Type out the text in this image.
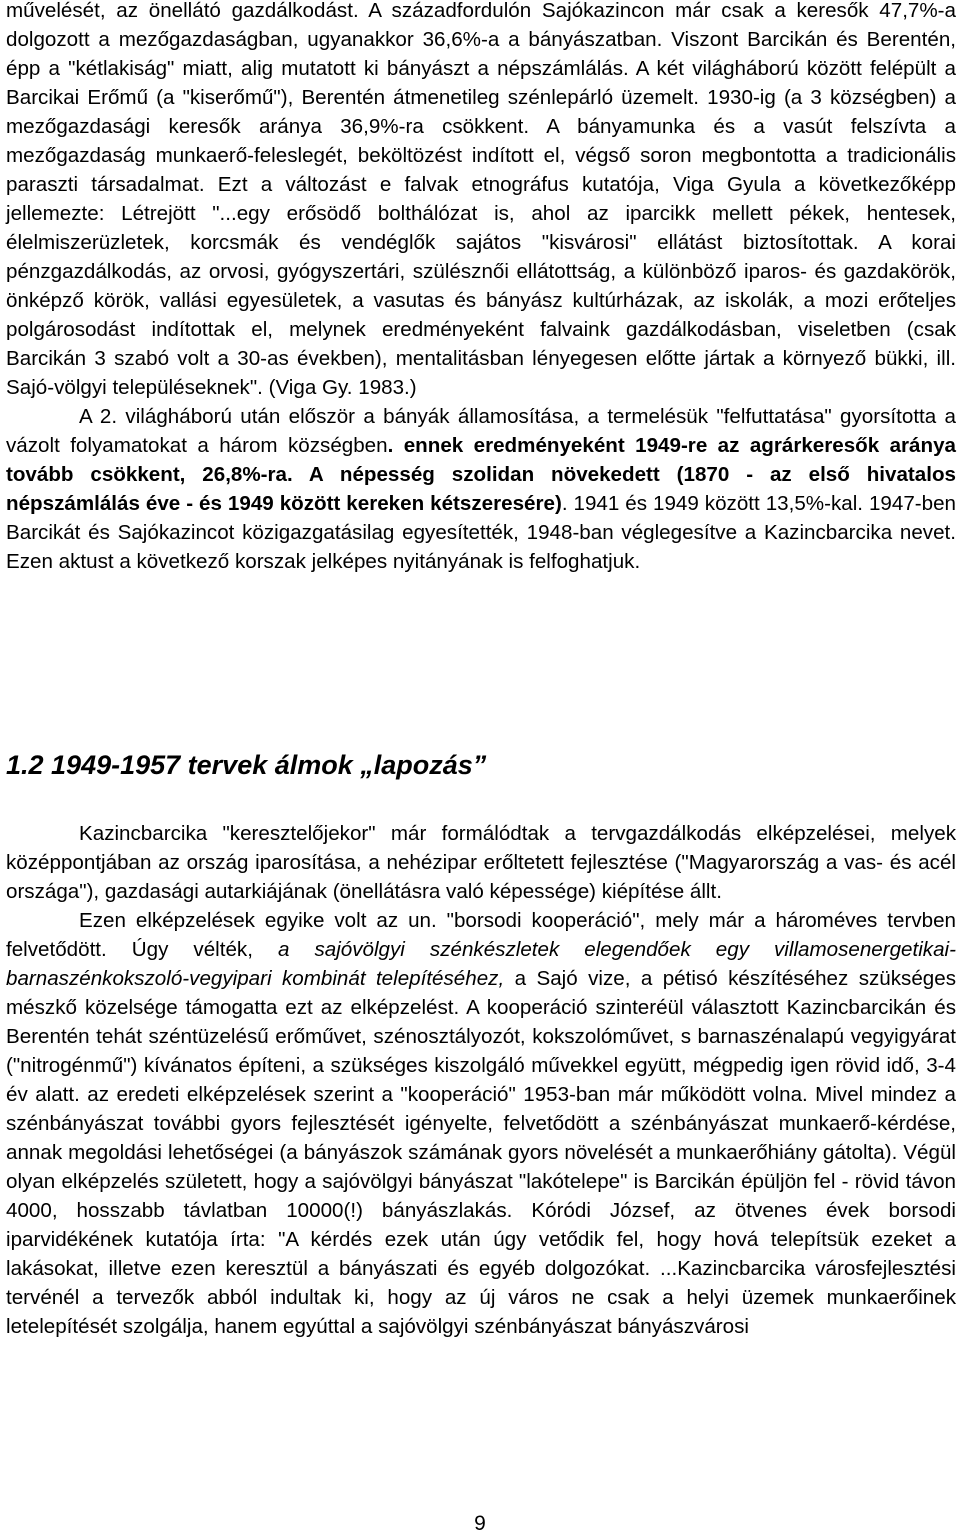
művelését, az önellátó gazdálkodást. A századfordulón Sajókazincon már csak a keresők 47,7%-a dolgozott a mezőgazdaságban, ugyanakkor 36,6%-a a bányászatban. Viszont Barcikán és Berentén, épp a "kétlakiság" miatt, alig mutatott ki bányászt a népszámlálás. A két világháború között felépült a Barcikai Erőmű (a "kiserőmű"), Berentén átmenetileg szénlepárló üzemelt. 1930-ig (a 3 községben) a mezőgazdasági keresők aránya 36,9%-ra csökkent. A bányamunka és a vasút felszívta a mezőgazdaság munkaerő-feleslegét, beköltözést indított el, végső soron megbontotta a tradicionális paraszti társadalmat. Ezt a változást e falvak etnográfus kutatója, Viga Gyula a következőképp jellemezte: Létrejött "...egy erősödő bolthálózat is, ahol az iparcikk mellett pékek, hentesek, élelmiszerüzletek, korcsmák és vendéglők sajátos "kisvárosi" ellátást biztosítottak. A korai pénzgazdálkodás, az orvosi, gyógyszertári, szülésznői ellátottság, a különböző iparos- és gazdakörök, önképző körök, vallási egyesületek, a vasutas és bányász kultúrházak, az iskolák, a mozi erőteljes polgárosodást indítottak el, melynek eredményeként falvaink gazdálkodásban, viseletben (csak Barcikán 3 szabó volt a 30-as években), mentalitásban lényegesen előtte jártak a környező bükki, ill. Sajó-völgyi településeknek". (Viga Gy. 1983.)

A 2. világháború után először a bányák államosítása, a termelésük "felfuttatása" gyorsította a vázolt folyamatokat a három községben. ennek eredményeként 1949-re az agrárkeresők aránya tovább csökkent, 26,8%-ra. A népesség szolidan növekedett (1870 - az első hivatalos népszámlálás éve - és 1949 között kereken kétszeresére). 1941 és 1949 között 13,5%-kal. 1947-ben Barcikát és Sajókazincot közigazgatásilag egyesítették, 1948-ban véglegesítve a Kazincbarcika nevet. Ezen aktust a következő korszak jelképes nyitányának is felfoghatjuk.

1.2 1949-1957 tervek álmok „lapozás”

Kazincbarcika "keresztelőjekor" már formálódtak a tervgazdálkodás elképzelései, melyek középpontjában az ország iparosítása, a nehézipar erőltetett fejlesztése ("Magyarország a vas- és acél országa"), gazdasági autarkiájának (önellátásra való képessége) kiépítése állt.

Ezen elképzelések egyike volt az un. "borsodi kooperáció", mely már a hároméves tervben felvetődött. Úgy vélték, a sajóvölgyi szénkészletek elegendőek egy villamosenergetikai-barnaszénkokszoló-vegyipari kombinát telepítéséhez, a Sajó vize, a pétisó készítéséhez szükséges mészkő közelsége támogatta ezt az elképzelést. A kooperáció szinteréül választott Kazincbarcikán és Berentén tehát széntüzelésű erőművet, szénosztályozót, kokszolóművet, s barnaszénalapú vegyigyárat ("nitrogénmű") kívánatos építeni, a szükséges kiszolgáló művekkel együtt, mégpedig igen rövid idő, 3-4 év alatt. az eredeti elképzelések szerint a "kooperáció" 1953-ban már működött volna. Mivel mindez a szénbányászat további gyors fejlesztését igényelte, felvetődött a szénbányászat munkaerő-kérdése, annak megoldási lehetőségei (a bányászok számának gyors növelését a munkaerőhiány gátolta). Végül olyan elképzelés született, hogy a sajóvölgyi bányászat "lakótelepe" is Barcikán épüljön fel - rövid távon 4000, hosszabb távlatban 10000(!) bányászlakás. Kóródi József, az ötvenes évek borsodi iparvidékének kutatója írta: "A kérdés ezek után úgy vetődik fel, hogy hová telepítsük ezeket a lakásokat, illetve ezen keresztül a bányászati és egyéb dolgozókat. ...Kazincbarcika városfejlesztési tervénél a tervezők abból indultak ki, hogy az új város ne csak a helyi üzemek munkaerőinek letelepítését szolgálja, hanem egyúttal a sajóvölgyi szénbányászat bányászvárosi

9
